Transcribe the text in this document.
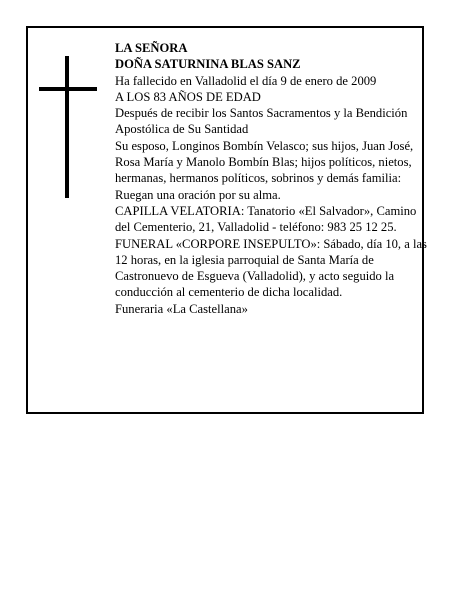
LA SEÑORA

DOÑA SATURNINA BLAS SANZ

Ha fallecido en Valladolid el día 9 de enero de 2009

A LOS 83 AÑOS DE EDAD

Después de recibir los Santos Sacramentos y la Bendición Apostólica de Su Santidad

Su esposo, Longinos Bombín Velasco; sus hijos, Juan José, Rosa María y Manolo Bombín Blas; hijos políticos, nietos, hermanas, hermanos políticos, sobrinos y demás familia:

Ruegan una oración por su alma.

CAPILLA VELATORIA: Tanatorio «El Salvador», Camino del Cementerio, 21, Valladolid - teléfono: 983 25 12 25.

FUNERAL «CORPORE INSEPULTO»: Sábado, día 10, a las 12 horas, en la iglesia parroquial de Santa María de Castronuevo de Esgueva (Valladolid), y acto seguido la conducción al cementerio de dicha localidad.

Funeraria «La Castellana»
